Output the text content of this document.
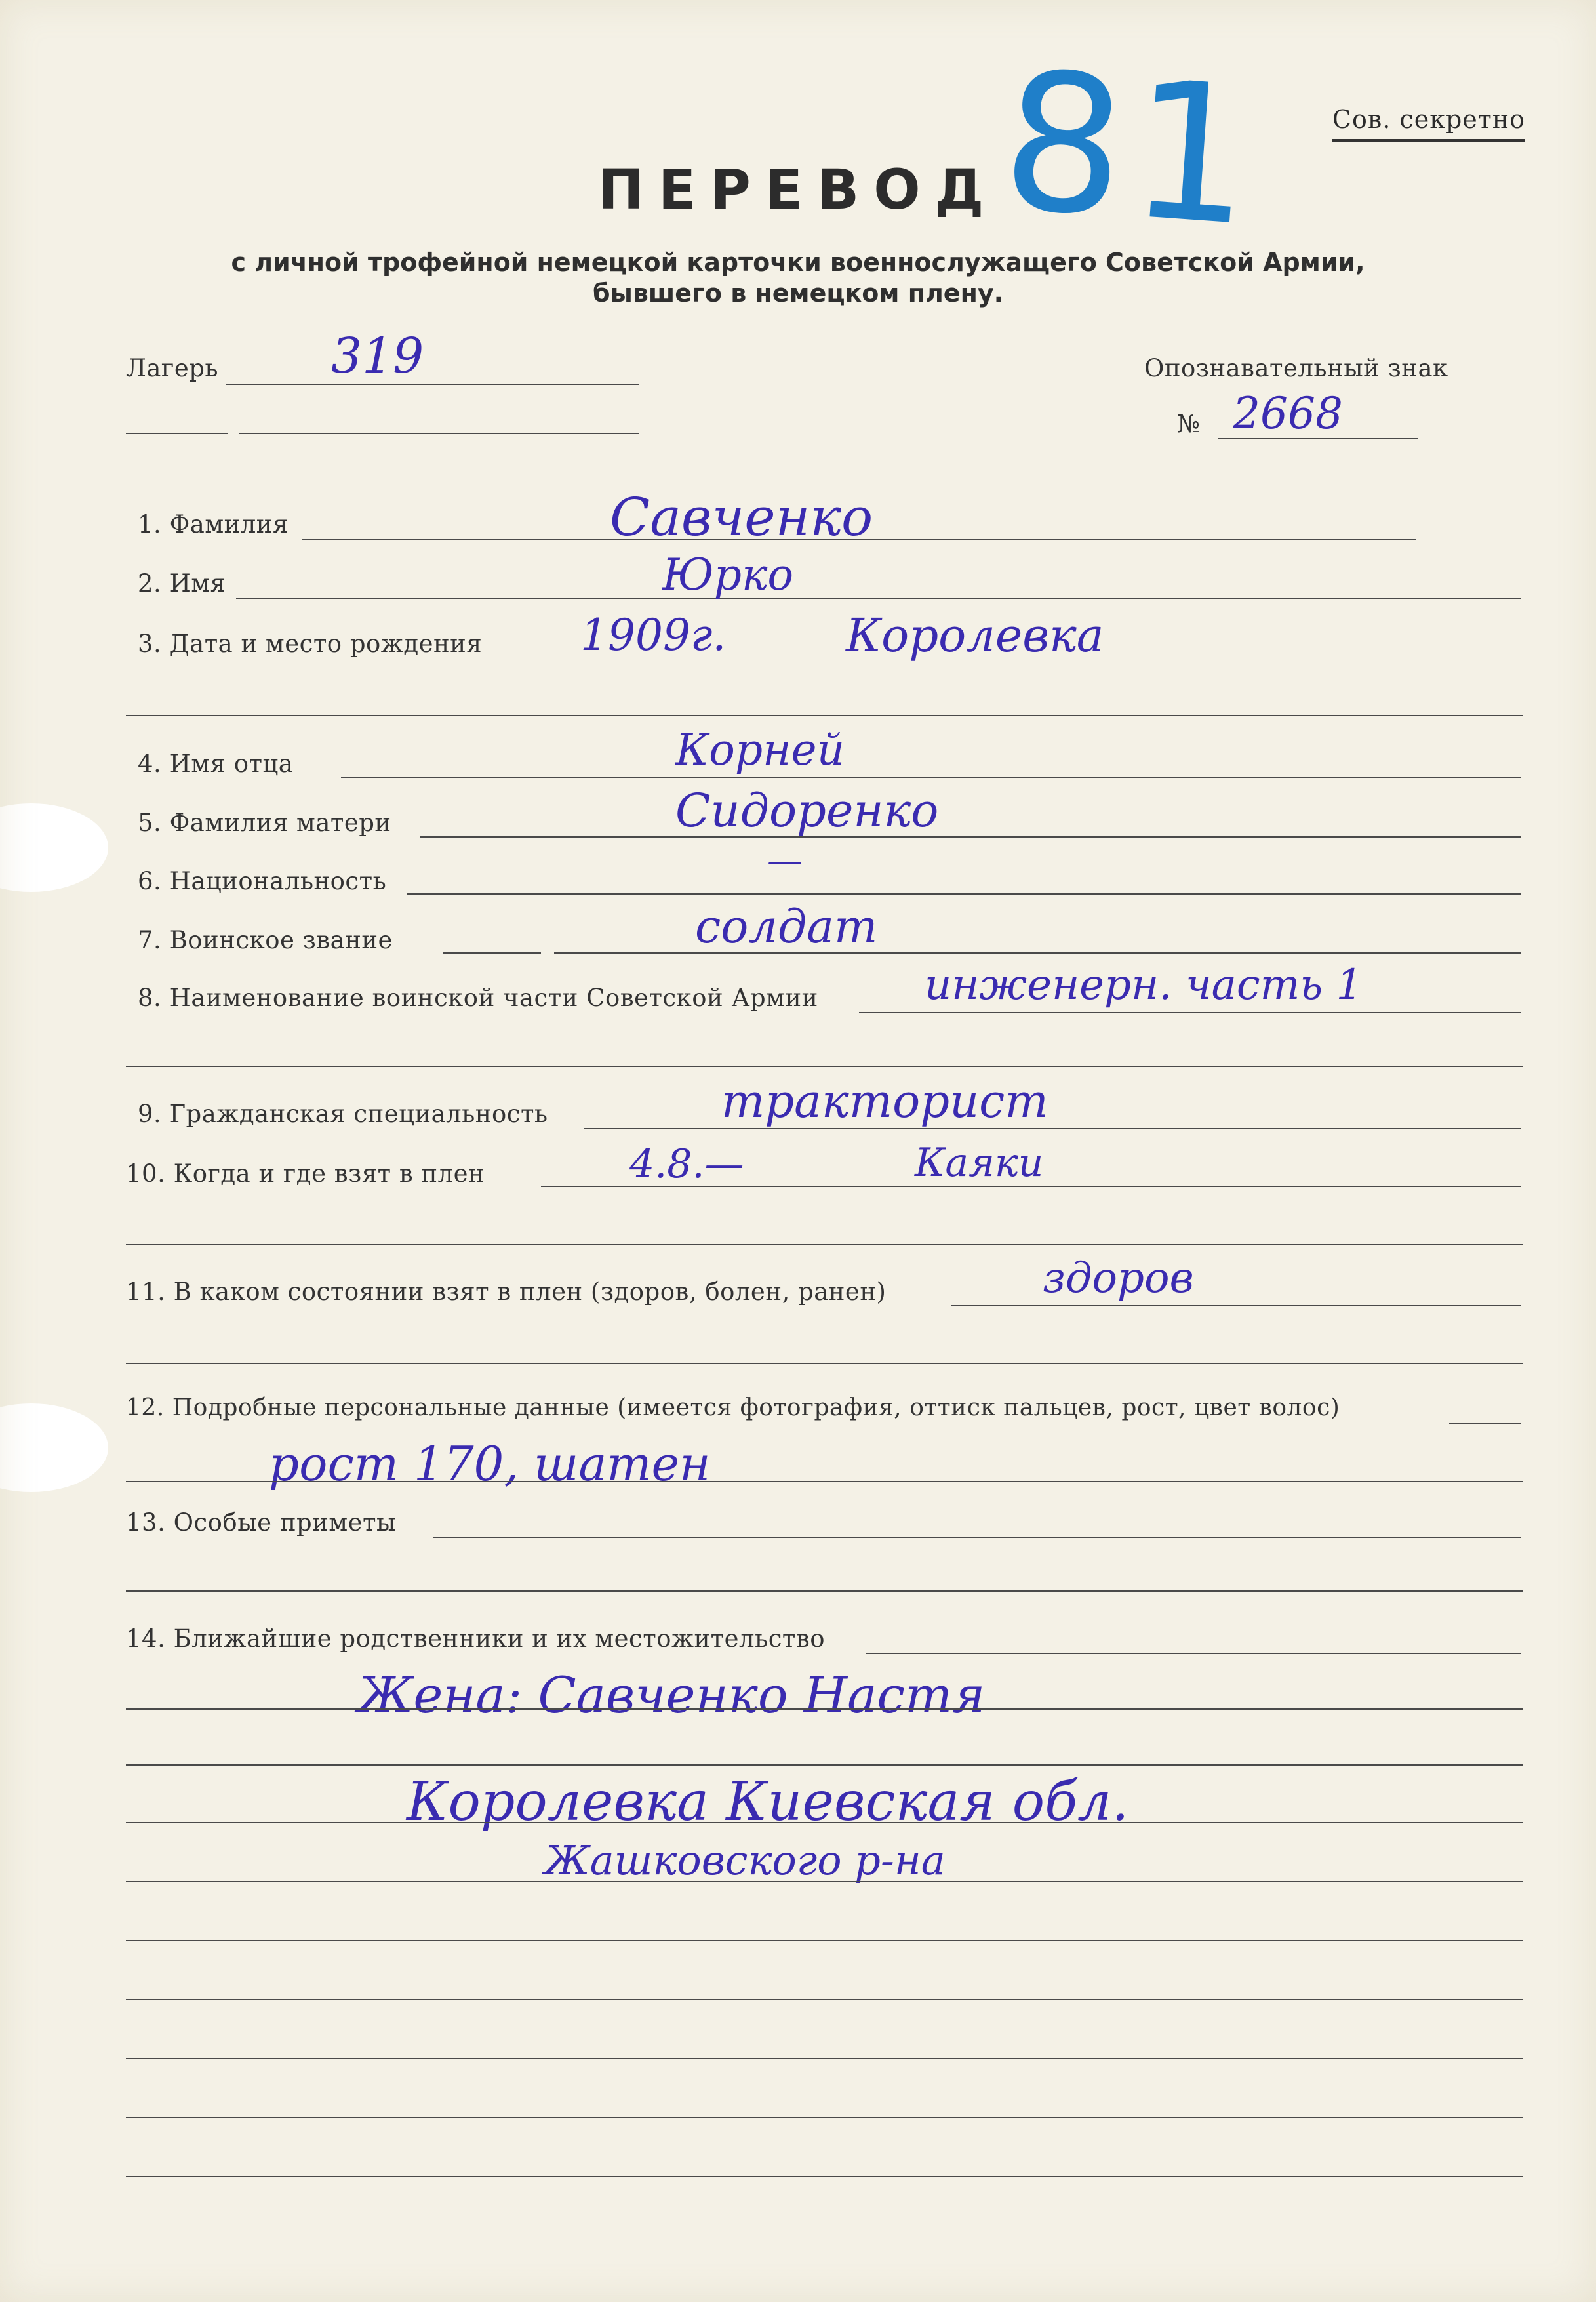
Сов. секретно
81
ПЕРЕВОД
с личной трофейной немецкой карточки военнослужащего Советской Армии,
бывшего в немецком плену.
Лагерь 319	Опознавательный знак
№ 2668
1. Фамилия	Савченко
2. Имя	Юрко
3. Дата и место рождения 1909г.	Королевка
4. Имя отца	Корней
5. Фамилия матери	Сидоренко
6. Национальность
—
7. Воинское звание	солдат
8. Наименование воинской части Советской Армии	инженерн. часть 1
9. Гражданская специальность	тракторист
10. Когда и где взят в плен	4.8.—	Каяки
11. В каком состоянии взят в плен (здоров, болен, ранен)	здоров
12. Подробные персональные данные (имеется фотография, оттиск пальцев, рост, цвет волос)
рост 170, шатен
13. Особые приметы
14. Ближайшие родственники и их местожительство
Жена: Савченко Настя
Королевка Киевская обл.
Жашковского р-на
